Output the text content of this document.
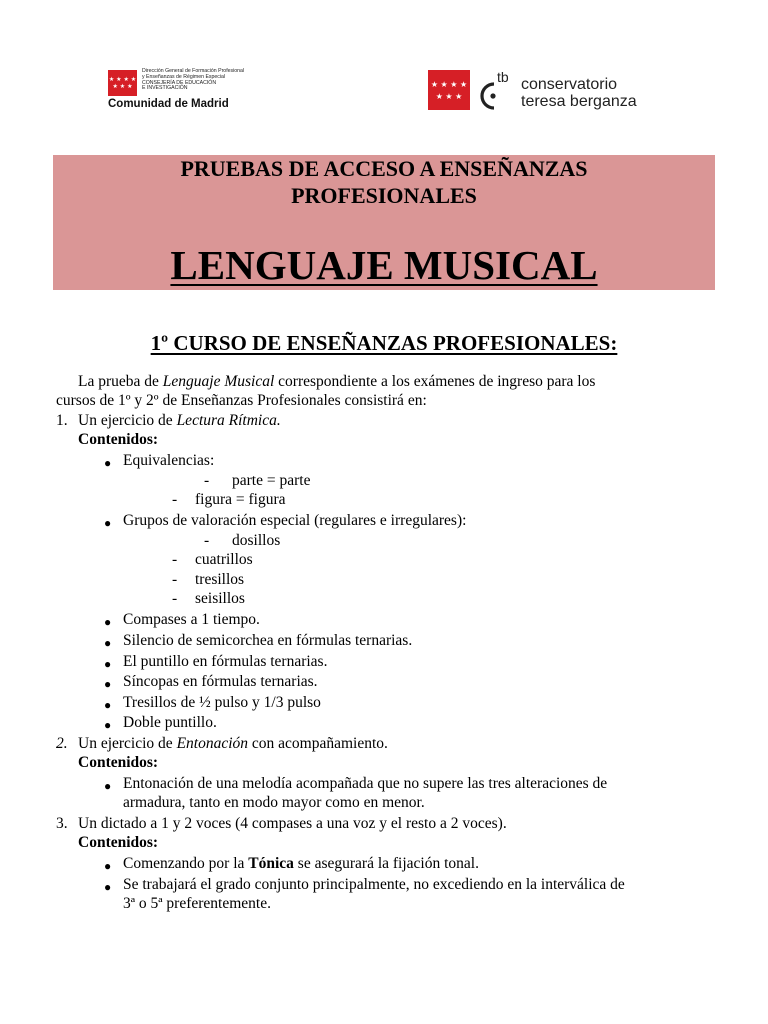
★ ★ ★ ★
★ ★ ★
Dirección General de Formación Profesional
y Enseñanzas de Régimen Especial
CONSEJERÍA DE EDUCACIÓN
E INVESTIGACIÓN
Comunidad de Madrid
★ ★ ★ ★
★ ★ ★
tb conservatorio
teresa berganza
PRUEBAS DE ACCESO A ENSEÑANZAS
PROFESIONALES
LENGUAJE MUSICAL
1º CURSO DE ENSEÑANZAS PROFESIONALES:
La prueba de Lenguaje Musical correspondiente a los exámenes de ingreso para los
cursos de 1º y 2º de Enseñanzas Profesionales consistirá en:
1. Un ejercicio de Lectura Rítmica.
Contenidos:
● Equivalencias:
- parte = parte
- figura = figura
● Grupos de valoración especial (regulares e irregulares):
- dosillos
- cuatrillos
- tresillos
- seisillos
● Compases a 1 tiempo.
● Silencio de semicorchea en fórmulas ternarias.
● El puntillo en fórmulas ternarias.
● Síncopas en fórmulas ternarias.
● Tresillos de ½ pulso y 1/3 pulso
● Doble puntillo.
2. Un ejercicio de Entonación con acompañamiento.
Contenidos:
● Entonación de una melodía acompañada que no supere las tres alteraciones de
armadura, tanto en modo mayor como en menor.
3. Un dictado a 1 y 2 voces (4 compases a una voz y el resto a 2 voces).
Contenidos:
● Comenzando por la Tónica se asegurará la fijación tonal.
● Se trabajará el grado conjunto principalmente, no excediendo en la interválica de
3ª o 5ª preferentemente.
